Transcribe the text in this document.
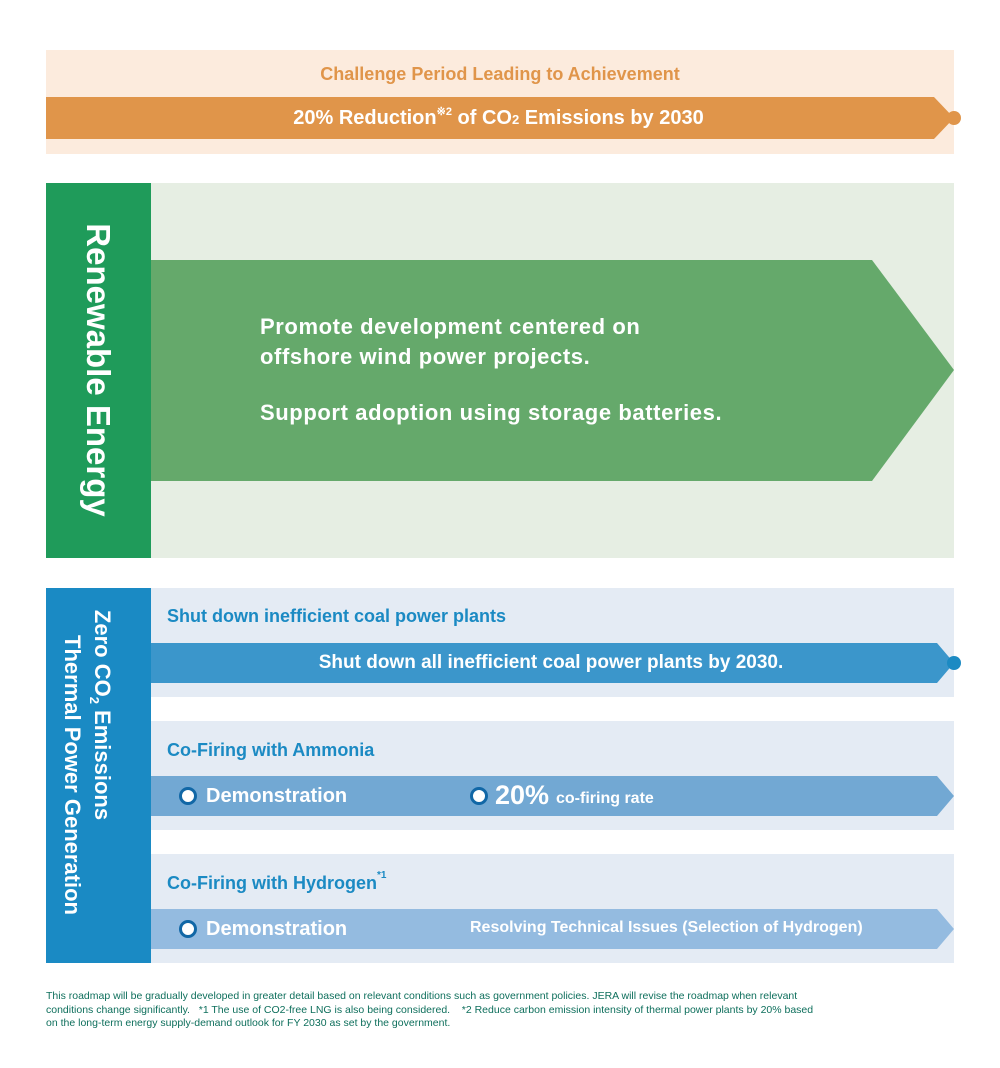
Challenge Period Leading to Achievement
20% Reduction$^{※2}$ of CO2 Emissions by 2030
Renewable Energy	Promote development centered on
offshore wind power projects.
Support adoption using storage batteries.
Zero $CO_2$ Emissions
Thermal Power Generation
Shut down inefficient coal power plants
Shut down all inefficient coal power plants by 2030.
Co-Firing with Ammonia
Demonstration	20% co-firing rate
Co-Firing with Hydrogen$^{*1}$
Demonstration	Resolving Technical Issues (Selection of Hydrogen)
This roadmap will be gradually developed in greater detail based on relevant conditions such as government policies. JERA will revise the roadmap when relevant
conditions change significantly.   *1 The use of CO2-free LNG is also being considered.    *2 Reduce carbon emission intensity of thermal power plants by 20% based
on the long-term energy supply-demand outlook for FY 2030 as set by the government.
